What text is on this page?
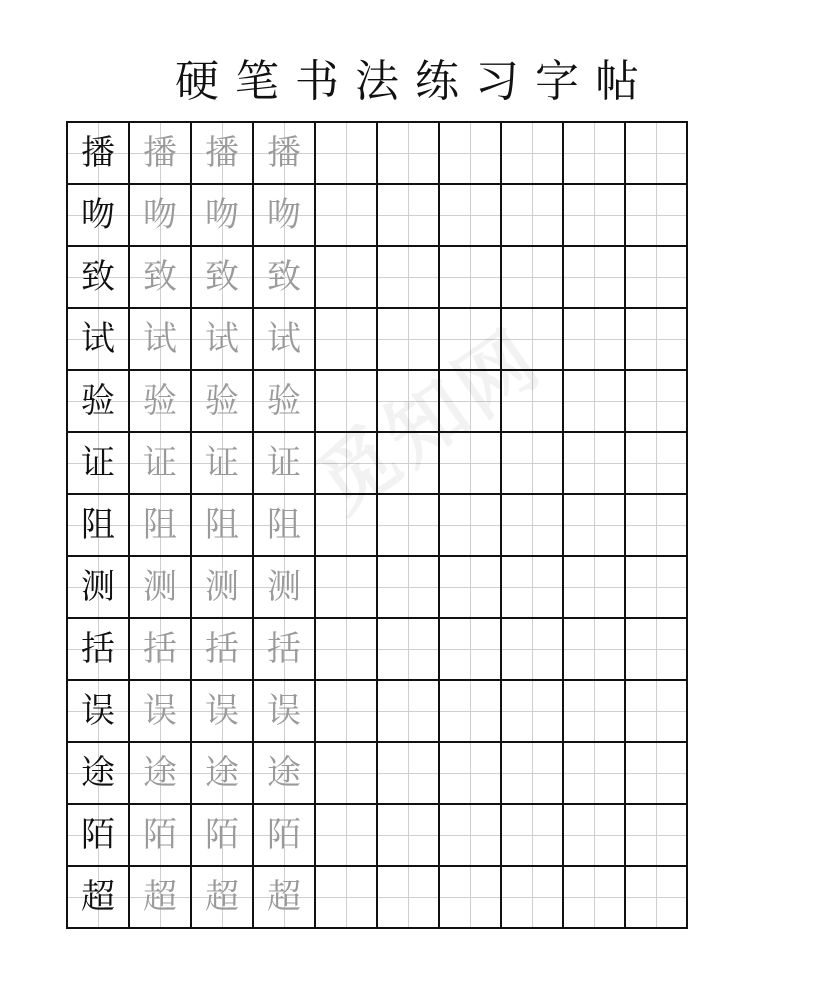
硬笔书法练习字帖
播 播 播 播
吻 吻 吻 吻
致 致 致 致
试 试 试 试
验 验 验 验
证 证 证 证
阻 阻 阻 阻
测 测 测 测
括 括 括 括
误 误 误 误
途 途 途 途
陌 陌 陌 陌
超 超 超 超
